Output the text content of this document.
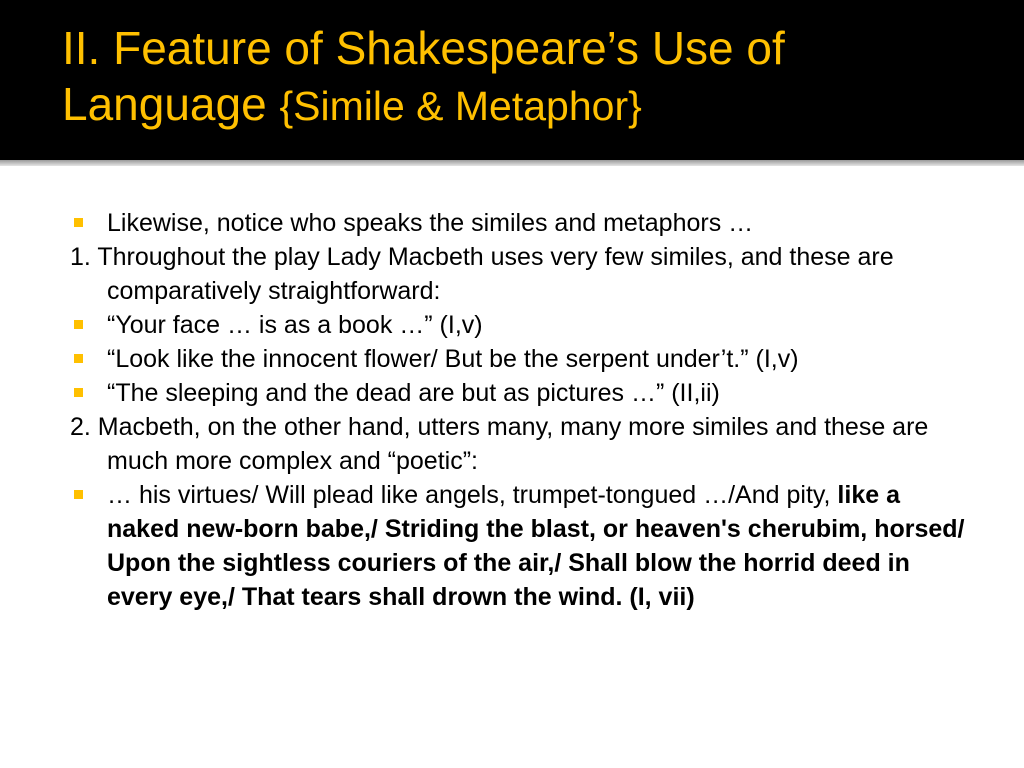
II. Feature of Shakespeare’s Use of Language {Simile & Metaphor}
Likewise, notice who speaks the similes and metaphors …
1. Throughout the play Lady Macbeth uses very few similes, and these are comparatively straightforward:
“Your face … is as a book …” (I,v)
“Look like the innocent flower/ But be the serpent under’t.” (I,v)
“The sleeping and the dead are but as pictures …” (II,ii)
2. Macbeth, on the other hand, utters many, many more similes and these are much more complex and “poetic”:
… his virtues/ Will plead like angels, trumpet-tongued …/And pity, like a naked new-born babe,/ Striding the blast, or heaven's cherubim, horsed/ Upon the sightless couriers of the air,/ Shall blow the horrid deed in every eye,/ That tears shall drown the wind. (I, vii)
